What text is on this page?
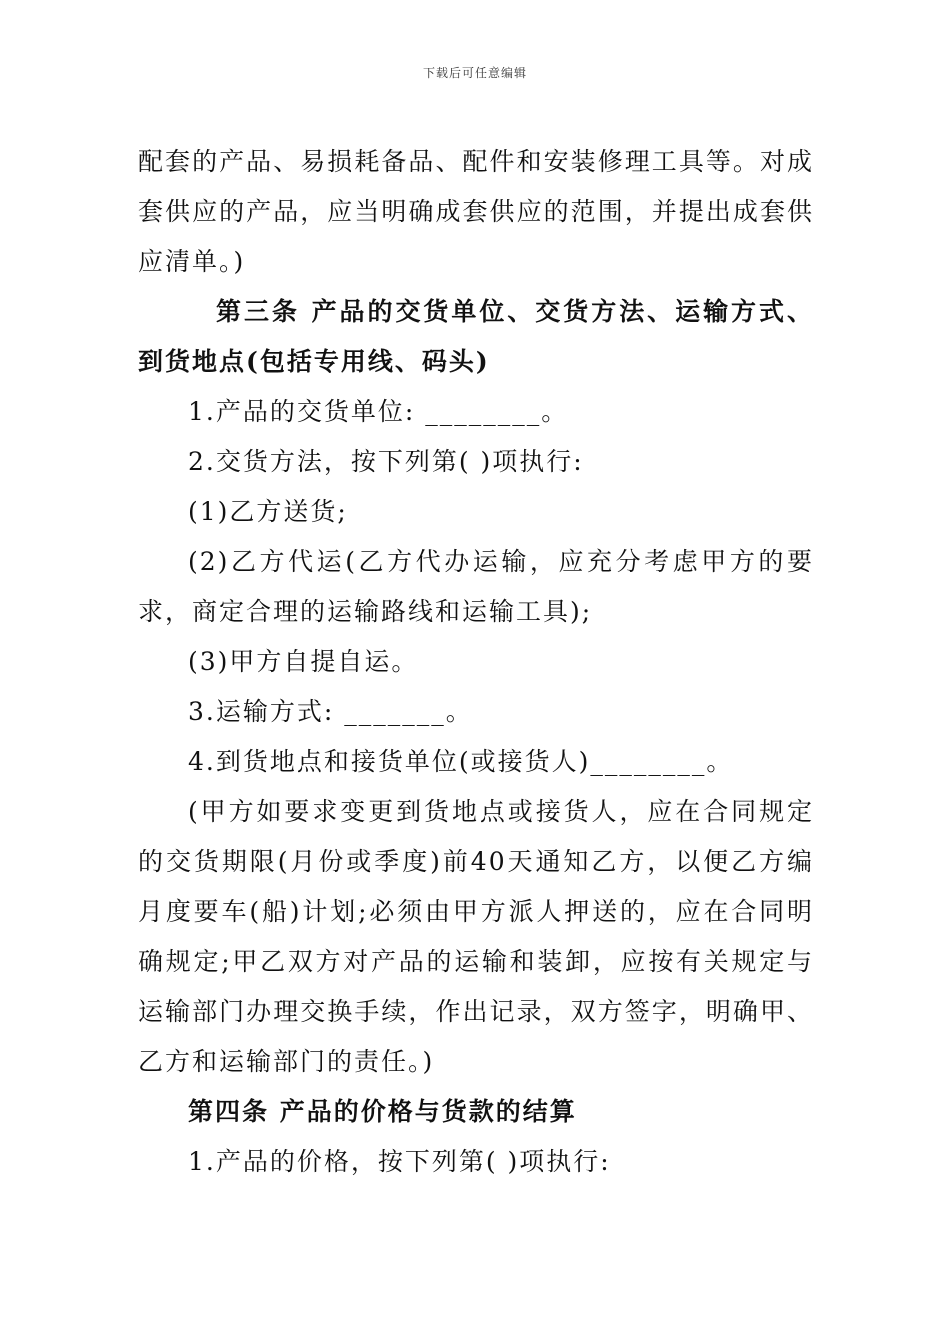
下载后可任意编辑

配套的产品、易损耗备品、配件和安装修理工具等。对成套供应的产品，应当明确成套供应的范围，并提出成套供应清单。)

第三条 产品的交货单位、交货方法、运输方式、到货地点(包括专用线、码头)

1.产品的交货单位: ________。

2.交货方法，按下列第( )项执行:

(1)乙方送货;

(2)乙方代运(乙方代办运输，应充分考虑甲方的要求，商定合理的运输路线和运输工具);

(3)甲方自提自运。

3.运输方式: _______。

4.到货地点和接货单位(或接货人)________。

(甲方如要求变更到货地点或接货人，应在合同规定的交货期限(月份或季度)前40天通知乙方，以便乙方编月度要车(船)计划;必须由甲方派人押送的，应在合同明确规定;甲乙双方对产品的运输和装卸，应按有关规定与运输部门办理交换手续，作出记录，双方签字，明确甲、乙方和运输部门的责任。)

第四条 产品的价格与货款的结算

1.产品的价格，按下列第( )项执行:
